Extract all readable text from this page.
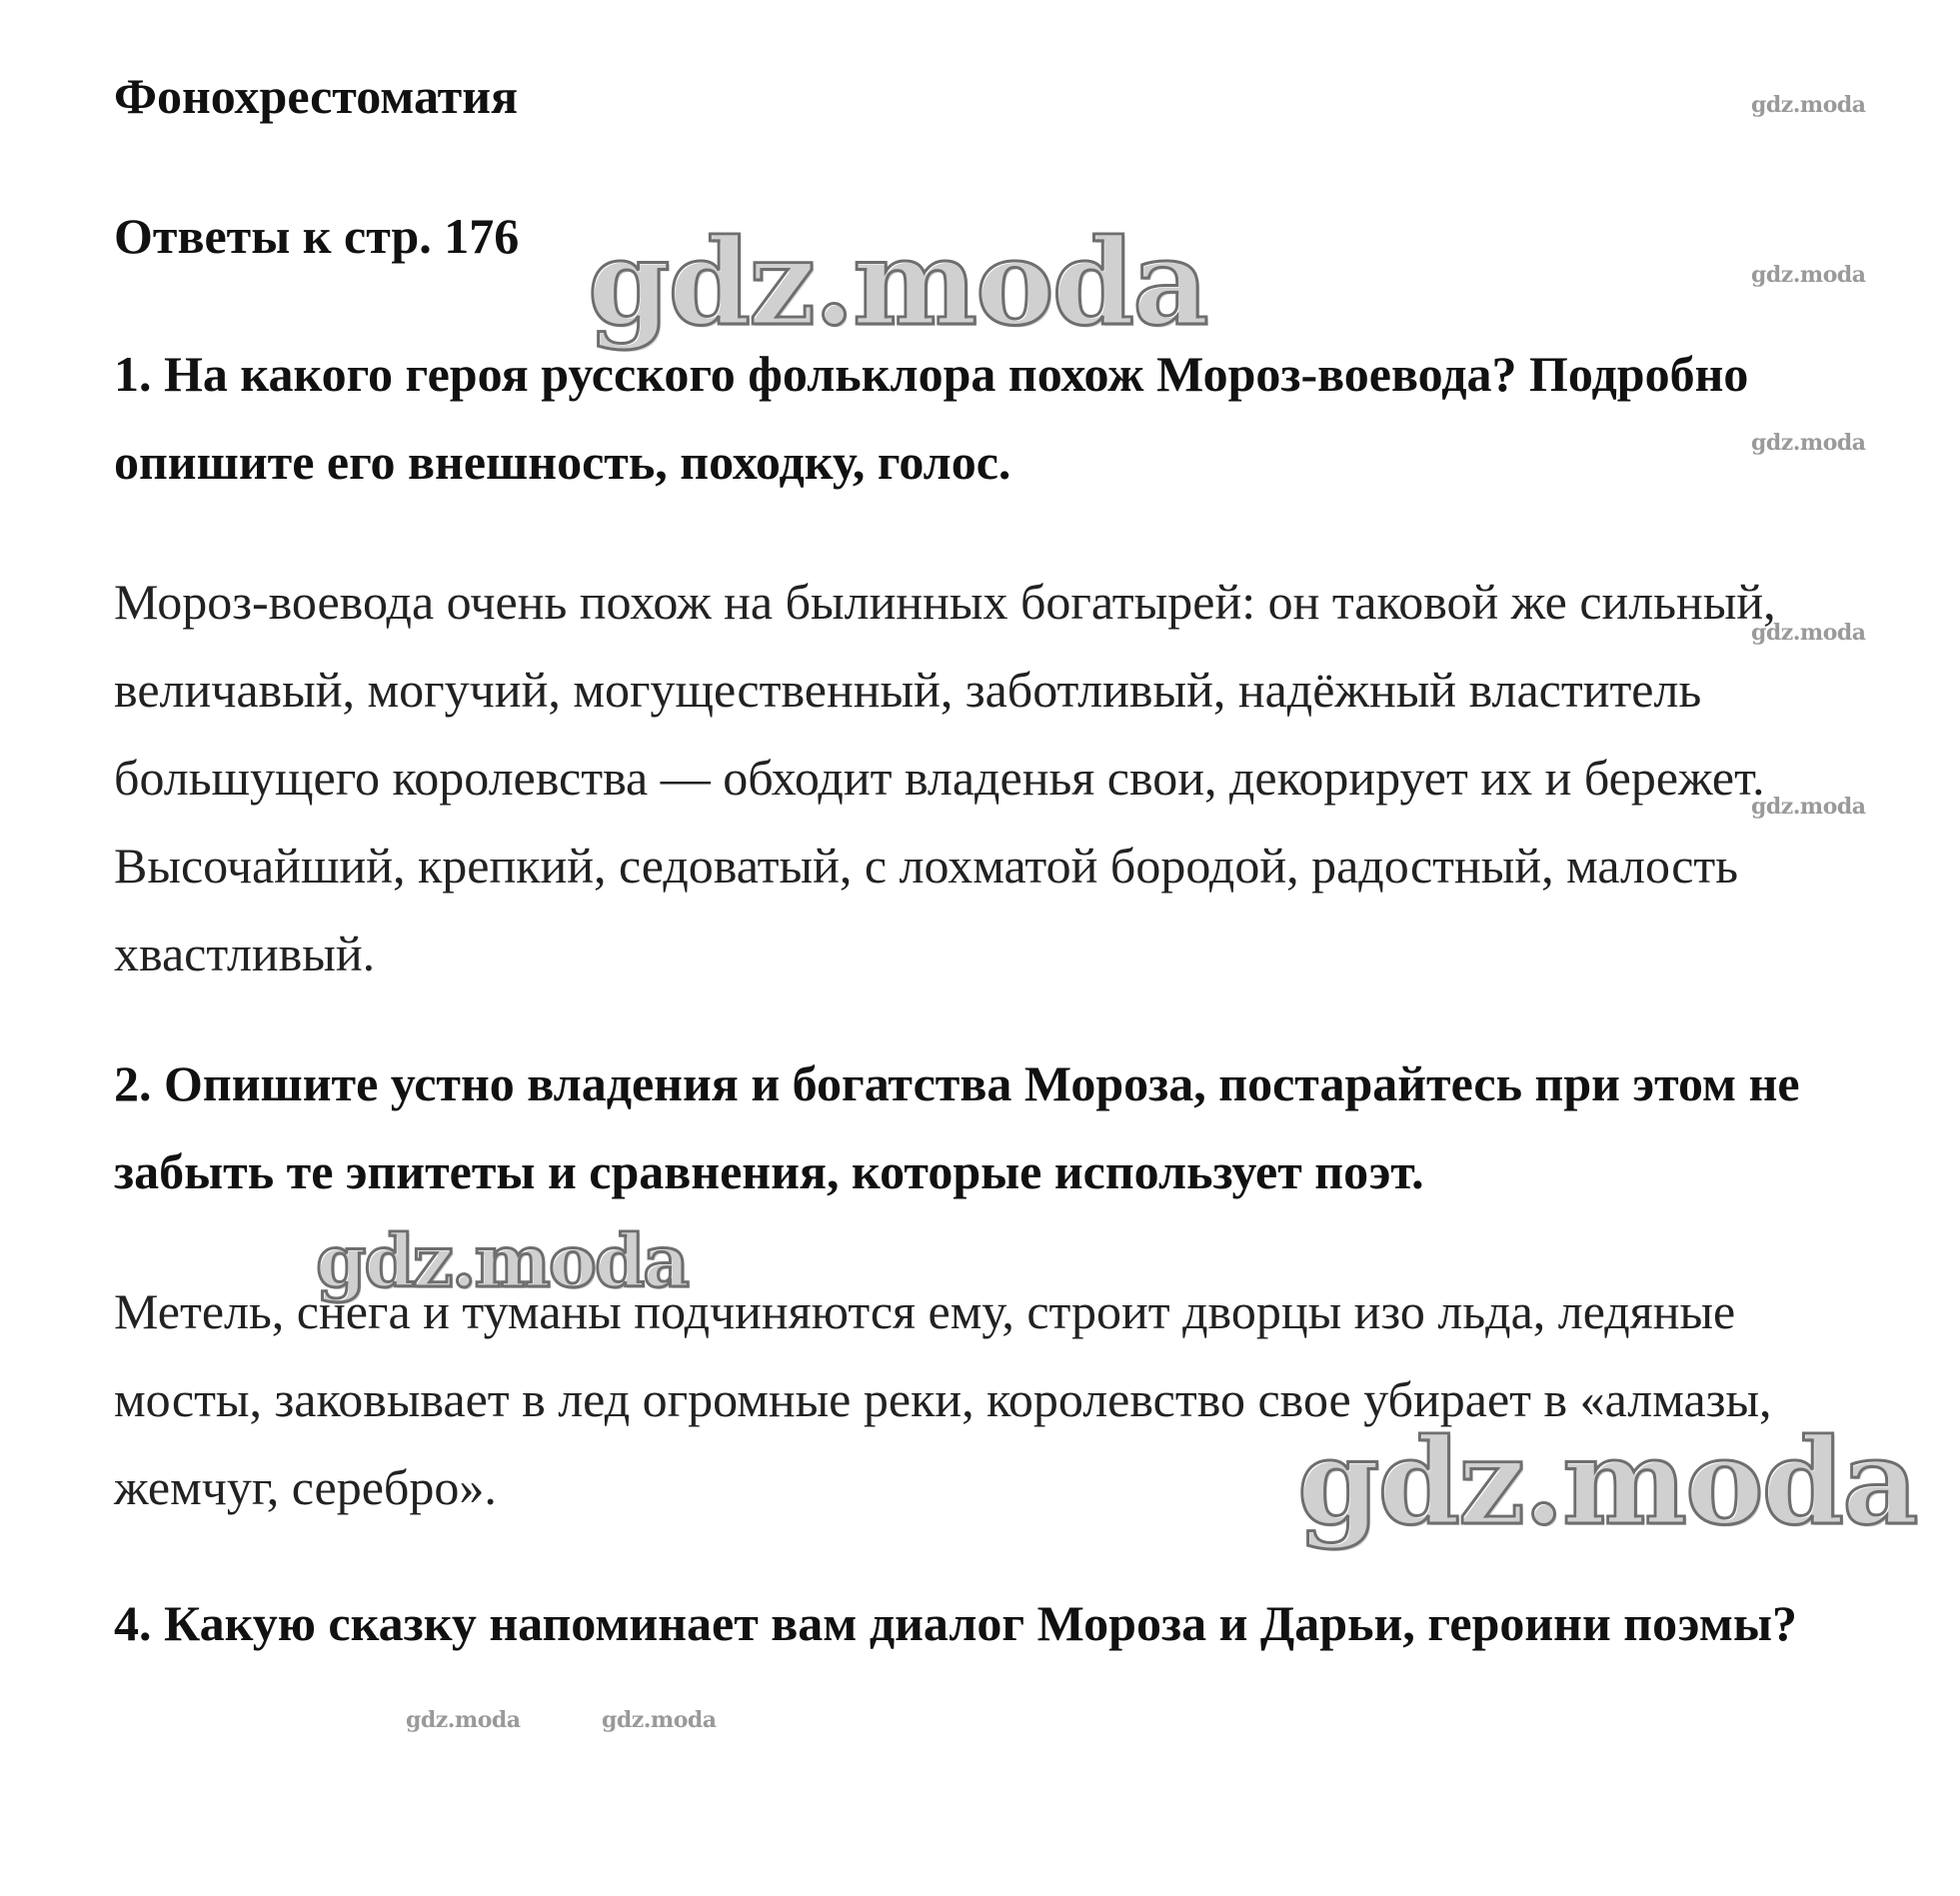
Фонохрестоматия
Ответы к стр. 176
1. На какого героя русского фольклора похож Мороз-воевода? Подробно опишите его внешность, походку, голос.
Мороз-воевода очень похож на былинных богатырей: он таковой же сильный, величавый, могучий, могущественный, заботливый, надёжный властитель большущего королевства — обходит владенья свои, декорирует их и бережет. Высочайший, крепкий, седоватый, с лохматой бородой, радостный, малость хвастливый.
2. Опишите устно владения и богатства Мороза, постарайтесь при этом не забыть те эпитеты и сравнения, которые использует поэт.
Метель, снега и туманы подчиняются ему, строит дворцы изо льда, ледяные мосты, заковывает в лед огромные реки, королевство свое убирает в «алмазы, жемчуг, серебро».
4. Какую сказку напоминает вам диалог Мороза и Дарьи, героини поэмы?
gdz.moda
gdz.moda
gdz.moda
gdz.moda
gdz.moda
gdz.moda	gdz.moda
gdz.moda
gdz.moda
gdz.moda
